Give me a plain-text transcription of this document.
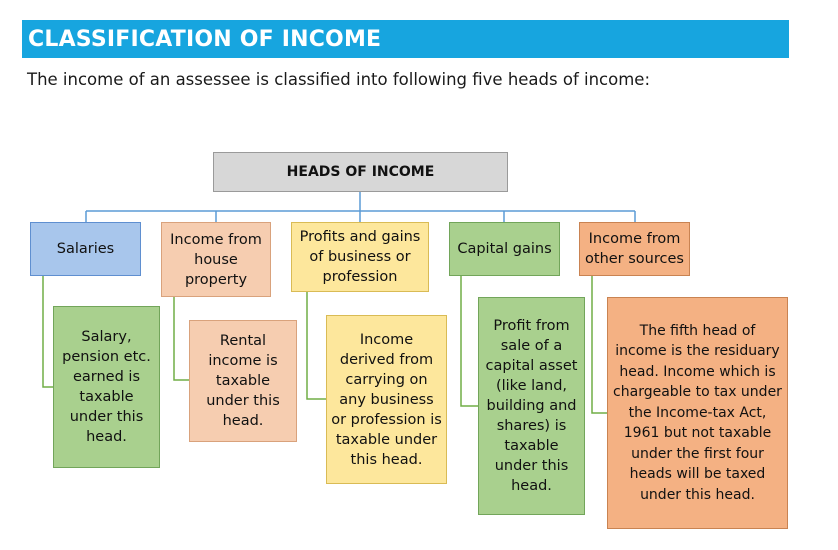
CLASSIFICATION OF INCOME
The income of an assessee is classified into following five heads of income:
HEADS OF INCOME
Salaries
Income from house property
Profits and gains of business or profession
Capital gains
Income from other sources
Salary, pension etc. earned is taxable under this head.
Rental income is taxable under this head.
Income derived from carrying on any business or profession is taxable under this head.
Profit from sale of a capital asset (like land, building and shares) is taxable under this head.
The fifth head of income is the residuary head. Income which is chargeable to tax under the Income-tax Act, 1961 but not taxable under the first four heads will be taxed under this head.
